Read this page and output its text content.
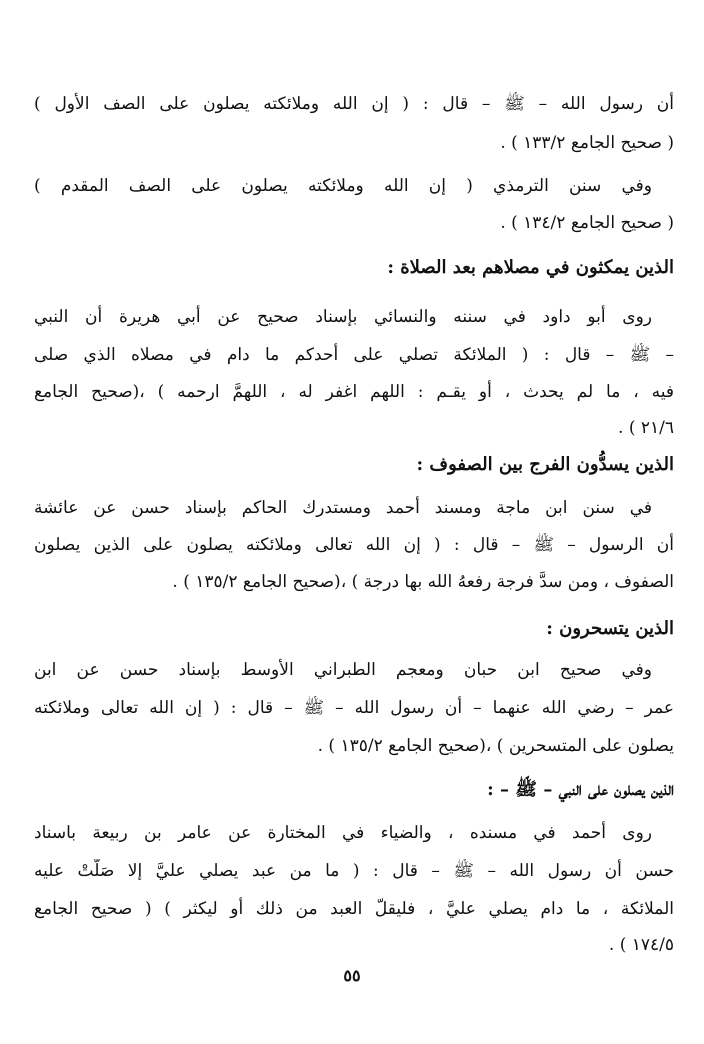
أن رسول الله – ﷺ – قال : ( إن الله وملائكته يصلون على الصف الأول )
( صحيح الجامع ١٣٣/٢ ) .
وفي سنن الترمذي ( إن الله وملائكته يصلون على الصف المقدم )
( صحيح الجامع ١٣٤/٢ ) .
الذين يمكثون في مصلاهم بعد الصلاة :
روى أبو داود في سننه والنسائي بإسناد صحيح عن أبي هريرة أن النبي
– ﷺ – قال : ( الملائكة تصلي على أحدكم ما دام في مصلاه الذي صلى
فيه ، ما لم يحدث ، أو يقـم : اللهم اغفر له ، اللهمَّ ارحمه ) ،(صحيح الجامع
٢١/٦ ) .
الذين يسدُّون الفرج بين الصفوف :
في سنن ابن ماجة ومسند أحمد ومستدرك الحاكم بإسناد حسن عن عائشة
أن الرسول – ﷺ – قال : ( إن الله تعالى وملائكته يصلون على الذين يصلون
الصفوف ، ومن سدَّ فرجة رفعهُ الله بها درجة ) ،(صحيح الجامع ١٣٥/٢ ) .
الذين يتسحرون :
وفي صحيح ابن حبان ومعجم الطبراني الأوسط بإسناد حسن عن ابن
عمر – رضي الله عنهما – أن رسول الله – ﷺ – قال : ( إن الله تعالى وملائكته
يصلون على المتسحرين ) ،(صحيح الجامع ١٣٥/٢ ) .
الذين يصلون على النبي – ﷺ – :
روى أحمد في مسنده ، والضياء في المختارة عن عامر بن ربيعة باسناد
حسن أن رسول الله – ﷺ – قال : ( ما من عبد يصلي عليَّ إلا صَلَّتْ عليه
الملائكة ، ما دام يصلي عليَّ ، فليقلّ العبد من ذلك أو ليكثر ) ( صحيح الجامع
١٧٤/٥ ) .
٥٥
